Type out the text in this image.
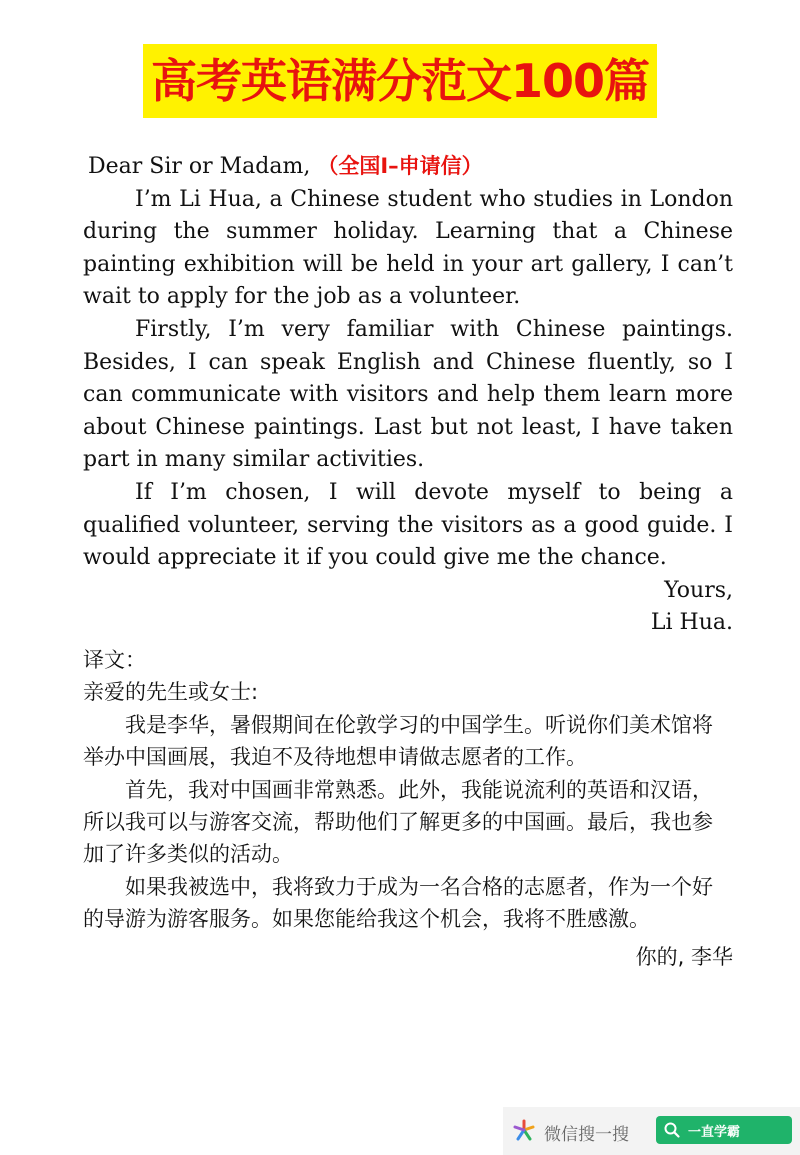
高考英语满分范文100篇

Dear Sir or Madam, （全国I–申请信）

I’m Li Hua, a Chinese student who studies in London during the summer holiday. Learning that a Chinese painting exhibition will be held in your art gallery, I can’t wait to apply for the job as a volunteer.

Firstly, I’m very familiar with Chinese paintings. Besides, I can speak English and Chinese fluently, so I can communicate with visitors and help them learn more about Chinese paintings. Last but not least, I have taken part in many similar activities.

If I’m chosen, I will devote myself to being a qualified volunteer, serving the visitors as a good guide. I would appreciate it if you could give me the chance.

Yours,

Li Hua.

译文：

亲爱的先生或女士:

我是李华，暑假期间在伦敦学习的中国学生。听说你们美术馆将举办中国画展，我迫不及待地想申请做志愿者的工作。

首先，我对中国画非常熟悉。此外，我能说流利的英语和汉语，所以我可以与游客交流，帮助他们了解更多的中国画。最后，我也参加了许多类似的活动。

如果我被选中，我将致力于成为一名合格的志愿者，作为一个好的导游为游客服务。如果您能给我这个机会，我将不胜感激。

你的, 李华

微信搜一搜	一直学霸
